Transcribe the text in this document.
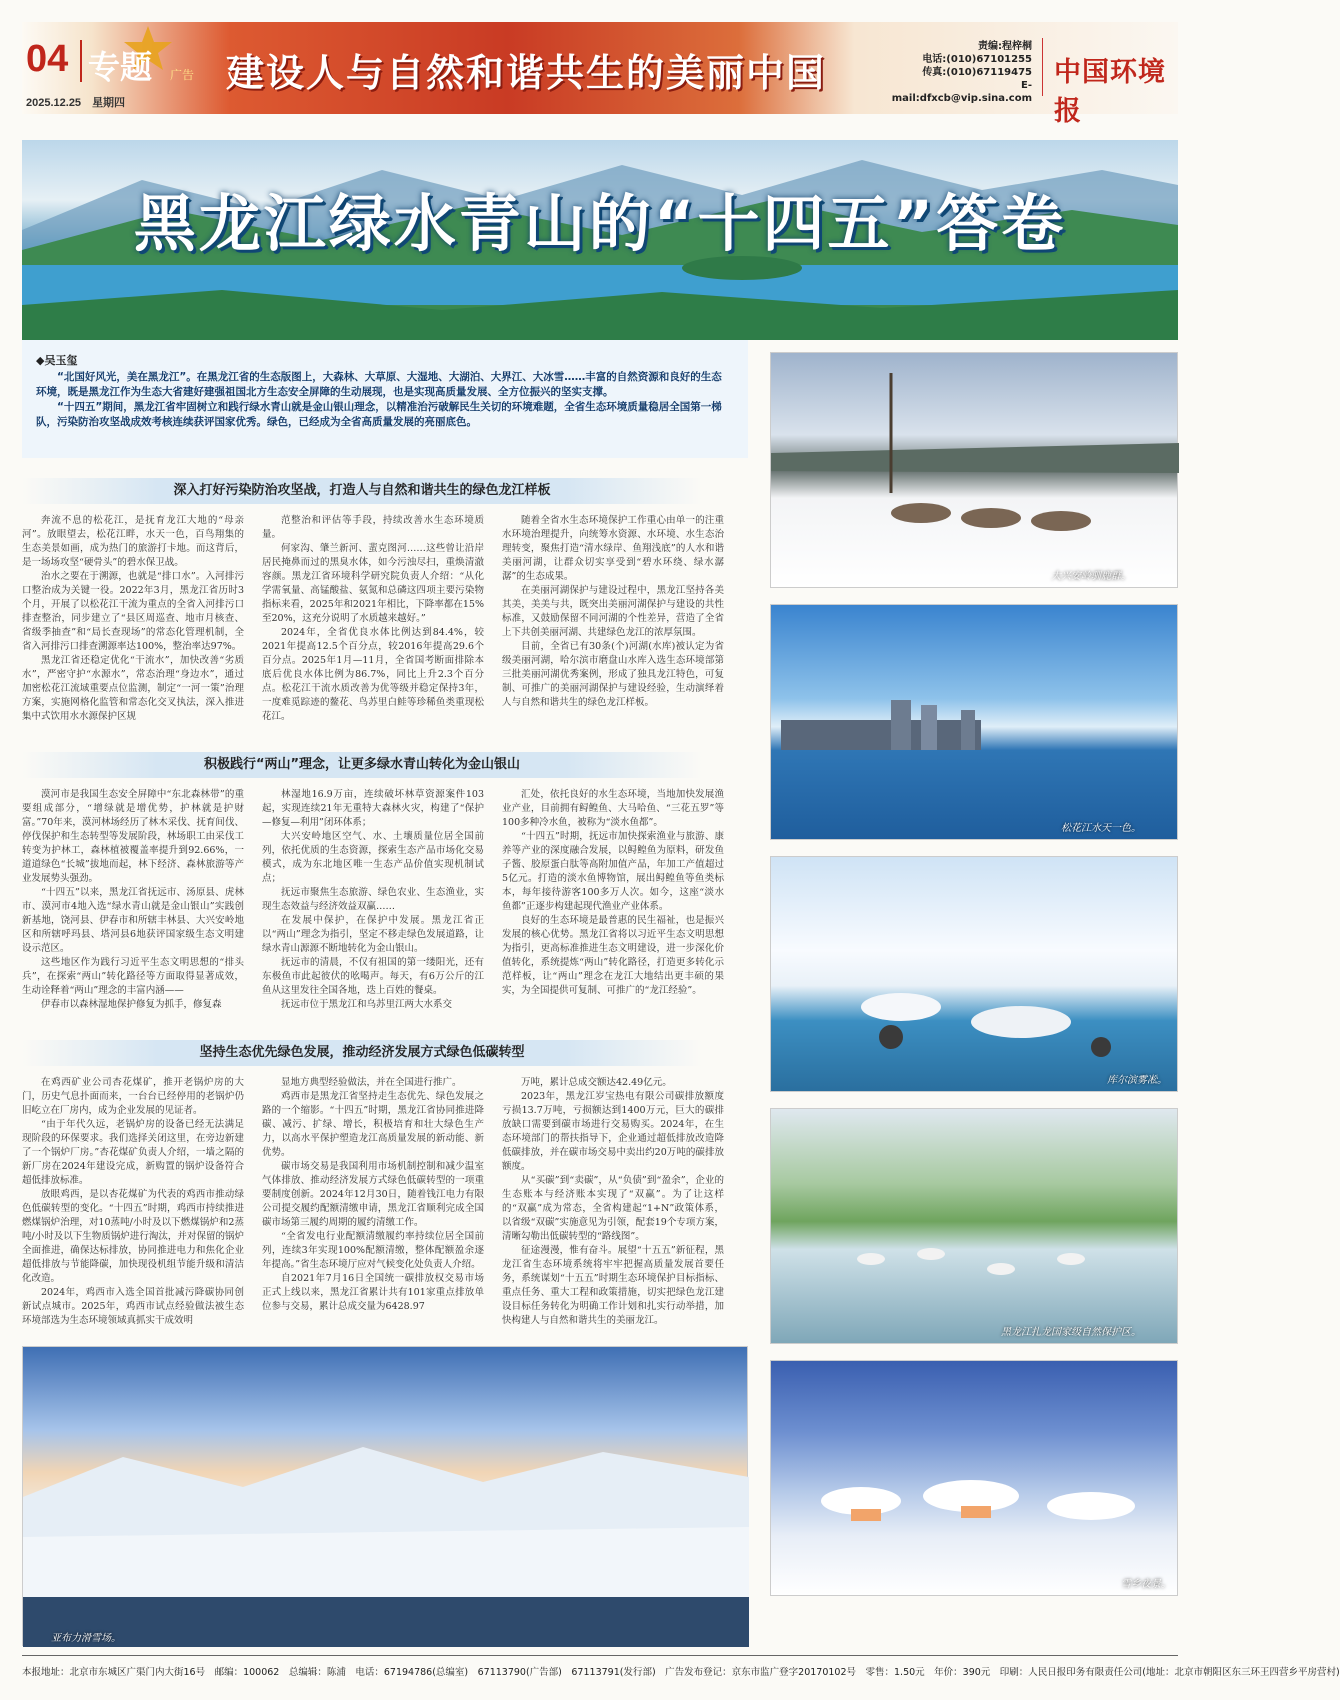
04 专题 广告 建设人与自然和谐共生的美丽中国
2025.12.25　 星期四
责编:程梓桐
电话:(010)67101255
传真:(010)67119475
E-mail:dfxcb@vip.sina.com
中国环境报
黑龙江绿水青山的“十四五”答卷
◆吴玉玺

“北国好风光，美在黑龙江”。在黑龙江省的生态版图上，大森林、大草原、大湿地、大湖泊、大界江、大冰雪……丰富的自然资源和良好的生态环境，既是黑龙江作为生态大省建好建强祖国北方生态安全屏障的生动展现，也是实现高质量发展、全方位振兴的坚实支撑。

“十四五”期间，黑龙江省牢固树立和践行绿水青山就是金山银山理念，以精准治污破解民生关切的环境难题，全省生态环境质量稳居全国第一梯队，污染防治攻坚战成效考核连续获评国家优秀。绿色，已经成为全省高质量发展的亮丽底色。

深入打好污染防治攻坚战，打造人与自然和谐共生的绿色龙江样板

奔流不息的松花江，是抚育龙江大地的“母亲河”。放眼望去，松花江畔，水天一色，百鸟翔集的生态美景如画，成为热门的旅游打卡地。而这背后，是一场场攻坚“硬骨头”的碧水保卫战。

治水之要在于溯源，也就是“排口水”。入河排污口整治成为关键一役。2022年3月，黑龙江省历时3个月，开展了以松花江干流为重点的全省入河排污口排查整治，同步建立了“县区周巡查、地市月核查、省级季抽查”和“局长查现场”的常态化管理机制，全省入河排污口排查溯源率达100%，整治率达97%。

黑龙江省还稳定优化“干流水”，加快改善“劣质水”，严密守护“水源水”，常态治理“身边水”，通过加密松花江流域重要点位监测，制定“一河一策”治理方案，实施网格化监管和常态化交叉执法，深入推进集中式饮用水水源保护区规

范整治和评估等手段，持续改善水生态环境质量。

何家沟、肇兰新河、蜚克图河……这些曾让沿岸居民掩鼻而过的黑臭水体，如今污浊尽扫，重焕清澈容颜。黑龙江省环境科学研究院负责人介绍：“从化学需氧量、高锰酸盐、氨氮和总磷这四项主要污染物指标来看，2025年和2021年相比，下降率都在15%至20%，这充分说明了水质越来越好。”

2024年，全省优良水体比例达到84.4%，较2021年提高12.5个百分点，较2016年提高29.6个百分点。2025年1月—11月，全省国考断面排除本底后优良水体比例为86.7%，同比上升2.3个百分点。松花江干流水质改善为优等级并稳定保持3年，一度难觅踪迹的鳌花、鸟苏里白鲑等珍稀鱼类重现松花江。

随着全省水生态环境保护工作重心由单一的注重水环境治理提升，向统筹水资源、水环境、水生态治理转变，聚焦打造“清水绿岸、鱼翔浅底”的人水和谐美丽河湖，让群众切实享受到“碧水环绕、绿水潺潺”的生态成果。

在美丽河湖保护与建设过程中，黑龙江坚持各美其美，美美与共，既突出美丽河湖保护与建设的共性标准，又鼓励保留不同河湖的个性差异，营造了全省上下共创美丽河湖、共建绿色龙江的浓厚氛围。

目前，全省已有30条(个)河湖(水库)被认定为省级美丽河湖，哈尔滨市磨盘山水库入选生态环境部第三批美丽河湖优秀案例，形成了独具龙江特色，可复制、可推广的美丽河湖保护与建设经验，生动演绎着人与自然和谐共生的绿色龙江样板。

积极践行“两山”理念，让更多绿水青山转化为金山银山

漠河市是我国生态安全屏障中“东北森林带”的重要组成部分，“增绿就是增优势，护林就是护财富。”70年来，漠河林场经历了林木采伐、抚育间伐、停伐保护和生态转型等发展阶段，林场职工由采伐工转变为护林工，森林植被覆盖率提升到92.66%，一道道绿色“长城”拔地而起，林下经济、森林旅游等产业发展势头强劲。

“十四五”以来，黑龙江省抚远市、汤原县、虎林市、漠河市4地入选“绿水青山就是金山银山”实践创新基地，饶河县、伊春市和所辖丰林县、大兴安岭地区和所辖呼玛县、塔河县6地获评国家级生态文明建设示范区。

这些地区作为践行习近平生态文明思想的“排头兵”，在探索“两山”转化路径等方面取得显著成效，生动诠释着“两山”理念的丰富内涵——

伊春市以森林湿地保护修复为抓手，修复森

林湿地16.9万亩，连续破坏林草资源案件103起，实现连续21年无重特大森林火灾，构建了“保护—修复—利用”闭环体系；

大兴安岭地区空气、水、土壤质量位居全国前列，依托优质的生态资源，探索生态产品市场化交易模式，成为东北地区唯一生态产品价值实现机制试点；

抚远市聚焦生态旅游、绿色农业、生态渔业，实现生态效益与经济效益双赢……

在发展中保护，在保护中发展。黑龙江省正以“两山”理念为指引，坚定不移走绿色发展道路，让绿水青山源源不断地转化为金山银山。

抚远市的清晨，不仅有祖国的第一缕阳光，还有东极鱼市此起彼伏的吆喝声。每天，有6万公斤的江鱼从这里发往全国各地，迭上百姓的餐桌。

抚远市位于黑龙江和乌苏里江两大水系交

汇处，依托良好的水生态环境，当地加快发展渔业产业，目前拥有鲟鳇鱼、大马哈鱼、“三花五罗”等100多种冷水鱼，被称为“淡水鱼都”。

“十四五”时期，抚远市加快探索渔业与旅游、康养等产业的深度融合发展，以鲟鳇鱼为原料，研发鱼子酱、胶原蛋白肽等高附加值产品，年加工产值超过5亿元。打造的淡水鱼博物馆，展出鲟鳇鱼等鱼类标本，每年接待游客100多万人次。如今，这座“淡水鱼都”正逐步构建起现代渔业产业体系。

良好的生态环境是最普惠的民生福祉，也是振兴发展的核心优势。黑龙江省将以习近平生态文明思想为指引，更高标准推进生态文明建设，进一步深化价值转化，系统提炼“两山”转化路径，打造更多转化示范样板，让“两山”理念在龙江大地结出更丰硕的果实，为全国提供可复制、可推广的“龙江经验”。

坚持生态优先绿色发展，推动经济发展方式绿色低碳转型

在鸡西矿业公司杏花煤矿，推开老锅炉房的大门，历史气息扑面而来，一台台已经停用的老锅炉仍旧屹立在厂房内，成为企业发展的见证者。

“由于年代久远，老锅炉房的设备已经无法满足现阶段的环保要求。我们选择关闭这里，在旁边新建了一个锅炉厂房。”杏花煤矿负责人介绍，一墙之隔的新厂房在2024年建设完成，新购置的锅炉设备符合超低排放标准。

放眼鸡西，是以杏花煤矿为代表的鸡西市推动绿色低碳转型的变化。“十四五”时期，鸡西市持续推进燃煤锅炉治理，对10蒸吨/小时及以下燃煤锅炉和2蒸吨/小时及以下生物质锅炉进行淘汰，并对保留的锅炉全面推进，确保达标排放，协同推进电力和焦化企业超低排放与节能降碳，加快现役机组节能升级和清洁化改造。

2024年，鸡西市入选全国首批减污降碳协同创新试点城市。2025年，鸡西市试点经验做法被生态环境部选为生态环境领域真抓实干成效明

显地方典型经验做法，并在全国进行推广。

鸡西市是黑龙江省坚持走生态优先、绿色发展之路的一个缩影。“十四五”时期，黑龙江省协同推进降碳、减污、扩绿、增长，积极培育和壮大绿色生产力，以高水平保护塑造龙江高质量发展的新动能、新优势。

碳市场交易是我国利用市场机制控制和减少温室气体排放、推动经济发展方式绿色低碳转型的一项重要制度创新。2024年12月30日，随着钱江电力有限公司提交履约配额清缴申请，黑龙江省顺利完成全国碳市场第三履约周期的履约清缴工作。

“全省发电行业配额清缴履约率持续位居全国前列，连续3年实现100%配额清缴，整体配额盈余逐年提高。”省生态环境厅应对气候变化处负责人介绍。

自2021年7月16日全国统一碳排放权交易市场正式上线以来，黑龙江省累计共有101家重点排放单位参与交易，累计总成交量为6428.97

万吨，累计总成交额达42.49亿元。

2023年，黑龙江岁宝热电有限公司碳排放额度亏损13.7万吨，亏损额达到1400万元，巨大的碳排放缺口需要到碳市场进行交易购买。2024年，在生态环境部门的帮扶指导下，企业通过超低排放改造降低碳排放，并在碳市场交易中卖出约20万吨的碳排放额度。

从“买碳”到“卖碳”，从“负债”到“盈余”，企业的生态账本与经济账本实现了“双赢”。为了让这样的“双赢”成为常态，全省构建起“1+N”政策体系，以省级“双碳”实施意见为引领，配套19个专项方案，清晰勾勒出低碳转型的“路线图”。

征途漫漫，惟有奋斗。展望“十五五”新征程，黑龙江省生态环境系统将牢牢把握高质量发展首要任务，系统谋划“十五五”时期生态环境保护目标指标、重点任务、重大工程和政策措施，切实把绿色龙江建设目标任务转化为明确工作计划和扎实行动举措，加快构建人与自然和谐共生的美丽龙江。

亚布力滑雪场。
大兴安岭驯鹿群。
松花江水天一色。
库尔滨雾凇。
黑龙江扎龙国家级自然保护区。
雪乡夜景。
本报地址：北京市东城区广渠门内大街16号　邮编：100062　总编辑：陈浦　电话：67194786(总编室)　67113790(广告部)　67113791(发行部)　广告发布登记：京东市监广登字20170102号　零售：1.50元　年价：390元　印刷：人民日报印务有限责任公司(地址：北京市朝阳区东三环王四营乡平房营村)
